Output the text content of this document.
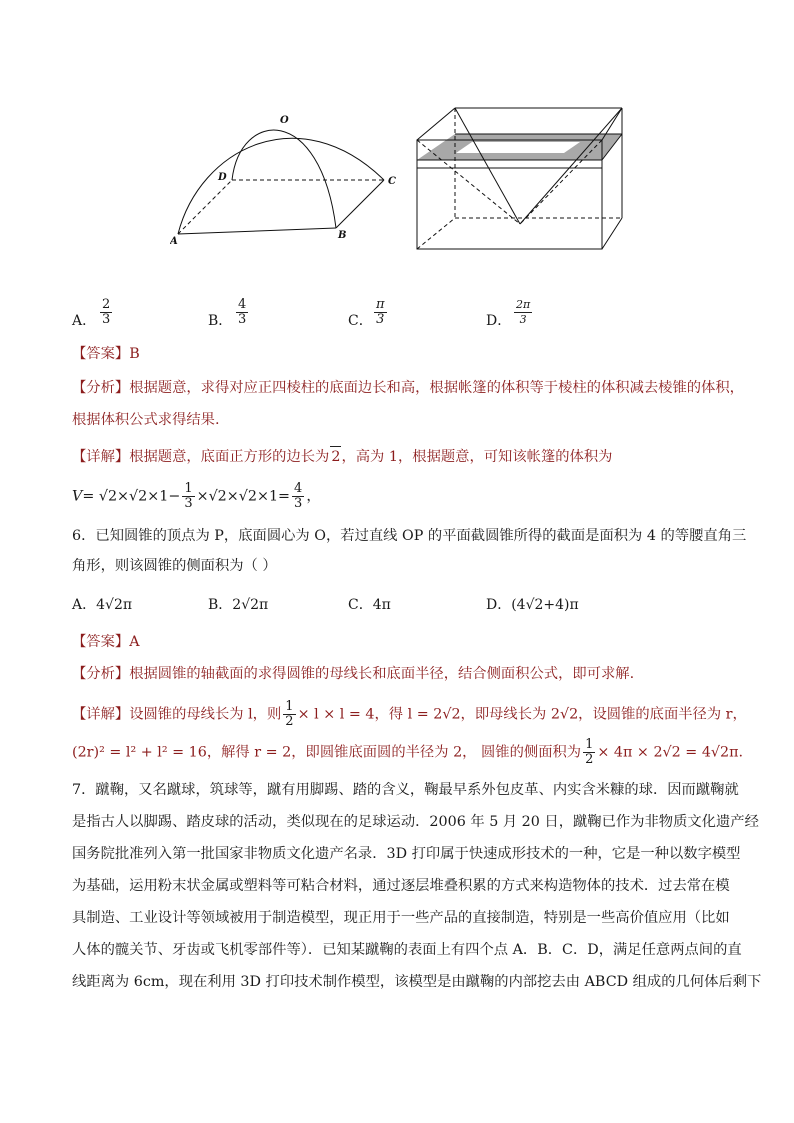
O
D	C
A
B
A． $\frac{2}{3}$	B． $\frac{4}{3}$	C． $\frac{\pi}{3}$	D． $\frac{2\pi}{3}$
【答案】B
【分析】根据题意，求得对应正四棱柱的底面边长和高，根据帐篷的体积等于棱柱的体积减去棱锥的体积，
根据体积公式求得结果.
【详解】根据题意，底面正方形的边长为 2，高为 1，根据题意，可知该帐篷的体积为
$V= √2\times√2\times 1- \frac{1}{3} \times√2\times√2\times 1= \frac{4}{3}$ ，
6．已知圆锥的顶点为 P，底面圆心为 O，若过直线 OP 的平面截圆锥所得的截面是面积为 4 的等腰直角三
角形，则该圆锥的侧面积为（ ）
A．4√2π	B．2√2π	C．4π	D．(4√2+4)π
【答案】A
【分析】根据圆锥的轴截面的求得圆锥的母线长和底面半径，结合侧面积公式，即可求解.
【详解】设圆锥的母线长为 l，则 $\frac{1}{2} \times l \times l = 4$，得 l = 2√2，即母线长为 2√2，设圆锥的底面半径为 r，
(2r)² = l² + l² = 16，解得 r = 2，即圆锥底面圆的半径为 2， 圆锥的侧面积为 $\frac{1}{2} \times 4\pi \times 2√2 = 4√2\pi$.
7．蹴鞠，又名蹴球，筑球等，蹴有用脚踢、踏的含义，鞠最早系外包皮革、内实含米糠的球．因而蹴鞠就
是指古人以脚踢、踏皮球的活动，类似现在的足球运动．2006 年 5 月 20 日，蹴鞠已作为非物质文化遗产经
国务院批准列入第一批国家非物质文化遗产名录．3D 打印属于快速成形技术的一种，它是一种以数字模型
为基础，运用粉末状金属或塑料等可粘合材料，通过逐层堆叠积累的方式来构造物体的技术．过去常在模
具制造、工业设计等领域被用于制造模型，现正用于一些产品的直接制造，特别是一些高价值应用（比如
人体的髋关节、牙齿或飞机零部件等）．已知某蹴鞠的表面上有四个点 A．B．C．D，满足任意两点间的直
线距离为 6cm，现在利用 3D 打印技术制作模型，该模型是由蹴鞠的内部挖去由 ABCD 组成的几何体后剩下
